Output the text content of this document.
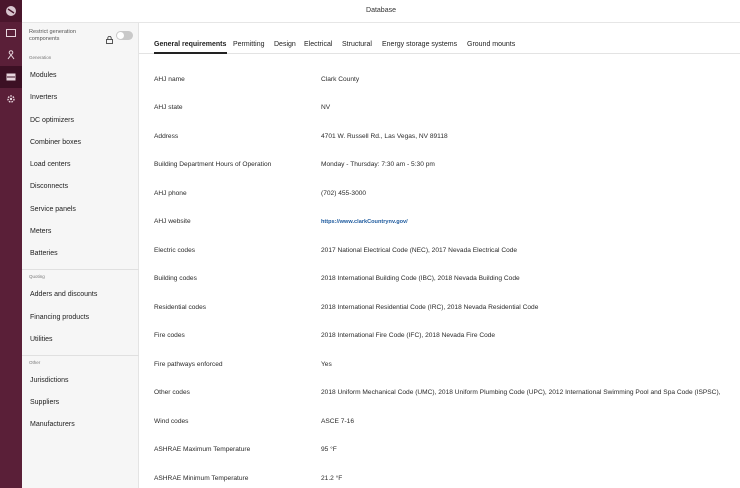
Database
Restrict generation components
Generation
Modules
Inverters
DC optimizers
Combiner boxes
Load centers
Disconnects
Service panels
Meters
Batteries
Quoting
Adders and discounts
Financing products
Utilities
Other
Jurisdictions
Suppliers
Manufacturers
General requirements Permitting Design Electrical Structural Energy storage systems Ground mounts
AHJ name	Clark County
AHJ state	NV
Address	4701 W. Russell Rd., Las Vegas, NV 89118
Building Department Hours of Operation	Monday - Thursday: 7:30 am - 5:30 pm
AHJ phone	(702) 455-3000
AHJ website	https://www.clarkCountrynv.gov/
Electric codes	2017 National Electrical Code (NEC), 2017 Nevada Electrical Code
Building codes	2018 International Building Code (IBC), 2018 Nevada Building Code
Residential codes	2018 International Residential Code (IRC), 2018 Nevada Residential Code
Fire codes	2018 International Fire Code (IFC), 2018 Nevada Fire Code
Fire pathways enforced	Yes
Other codes	2018 Uniform Mechanical Code (UMC), 2018 Uniform Plumbing Code (UPC), 2012 International Swimming Pool and Spa Code (ISPSC),
Wind codes	ASCE 7-16
ASHRAE Maximum Temperature	95 °F
ASHRAE Minimum Temperature	21.2 °F
